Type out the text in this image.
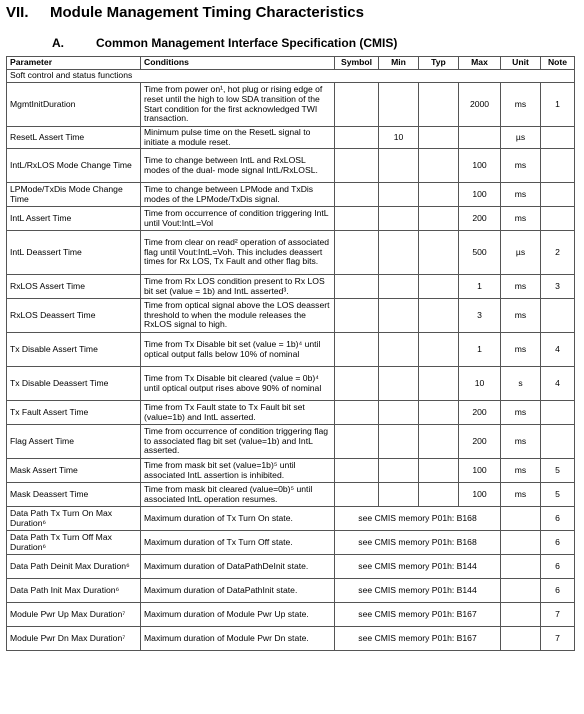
VII. Module Management Timing Characteristics
A.	Common Management Interface Specification (CMIS)
Parameter	Conditions	Symbol	Min	Typ	Max	Unit	Note
Soft control and status functions							
MgmtInitDuration	Time from power on¹, hot plug or rising edge of reset until the high to low SDA transition of the Start condition for the first acknowledged TWI transaction.				2000	ms	1
ResetL Assert Time	Minimum pulse time on the ResetL signal to initiate a module reset.		10			µs	
IntL/RxLOS Mode Change Time	Time to change between IntL and RxLOSL modes of the dual- mode signal IntL/RxLOSL.				100	ms	
LPMode/TxDis Mode Change Time	Time to change between LPMode and TxDis modes of the LPMode/TxDis signal.				100	ms	
IntL Assert Time	Time from occurrence of condition triggering IntL until Vout:IntL=Vol				200	ms	
IntL Deassert Time	Time from clear on read² operation of associated flag until Vout:IntL=Voh. This includes deassert times for Rx LOS, Tx Fault and other flag bits.				500	µs	2
RxLOS Assert Time	Time from Rx LOS condition present to Rx LOS bit set (value = 1b) and IntL asserted³.				1	ms	3
RxLOS Deassert Time	Time from optical signal above the LOS deassert threshold to when the module releases the RxLOS signal to high.				3	ms	
Tx Disable Assert Time	Time from Tx Disable bit set (value = 1b)⁴ until optical output falls below 10% of nominal				1	ms	4
Tx Disable Deassert Time	Time from Tx Disable bit cleared (value = 0b)⁴ until optical output rises above 90% of nominal				10	s	4
Tx Fault Assert Time	Time from Tx Fault state to Tx Fault bit set (value=1b) and IntL asserted.				200	ms	
Flag Assert Time	Time from occurrence of condition triggering flag to associated flag bit set (value=1b) and IntL asserted.				200	ms	
Mask Assert Time	Time from mask bit set (value=1b)⁵ until associated IntL assertion is inhibited.				100	ms	5
Mask Deassert Time	Time from mask bit cleared (value=0b)⁵ until associated IntL operation resumes.				100	ms	5
Data Path Tx Turn On Max Duration⁶	Maximum duration of Tx Turn On state.	see CMIS memory P01h: B168					6
Data Path Tx Turn Off Max Duration⁶	Maximum duration of Tx Turn Off state.	see CMIS memory P01h: B168					6
Data Path Deinit Max Duration⁶	Maximum duration of DataPathDeInit state.	see CMIS memory P01h: B144					6
Data Path Init Max Duration⁶	Maximum duration of DataPathInit state.	see CMIS memory P01h: B144					6
Module Pwr Up Max Duration⁷	Maximum duration of Module Pwr Up state.	see CMIS memory P01h: B167					7
Module Pwr Dn Max Duration⁷	Maximum duration of Module Pwr Dn state.	see CMIS memory P01h: B167					7
